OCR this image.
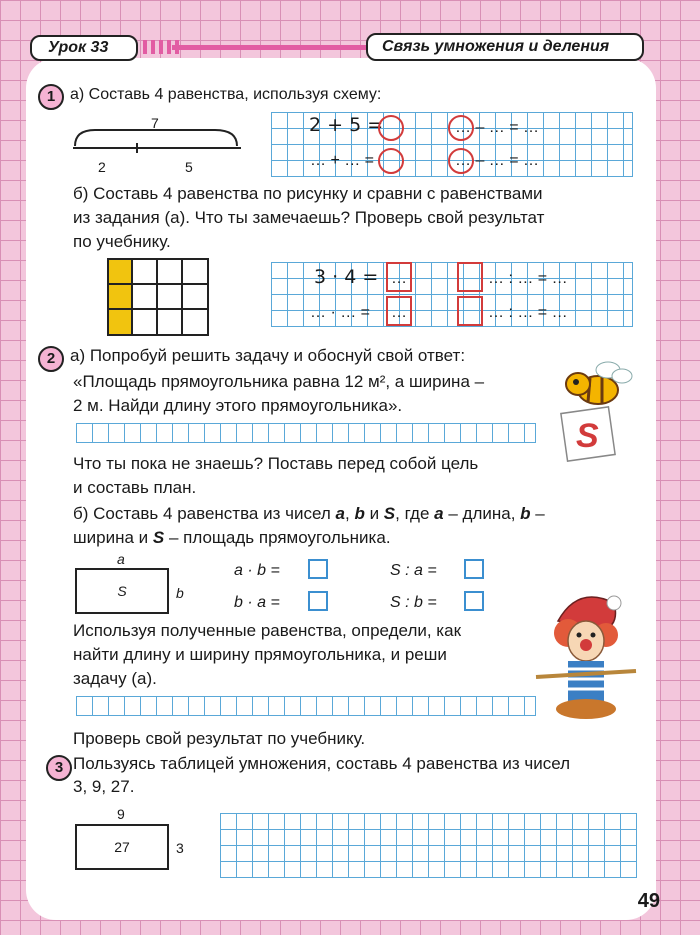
Урок 33	Связь умножения и деления
1 а) Составь 4 равенства, используя схему:
7
2	5
2 + 5 =	… – … = …
… + … =	… – … = …
б) Составь 4 равенства по рисунку и сравни с равенствами
из задания (а). Что ты замечаешь? Проверь свой результат
по учебнику.
3 · 4 = …	… : … = …
… · … = …	… : … = …
2 а) Попробуй решить задачу и обоснуй свой ответ:
«Площадь прямоугольника равна 12 м², а ширина –
2 м. Найди длину этого прямоугольника».
S
Что ты пока не знаешь? Поставь перед собой цель
и составь план.
б) Составь 4 равенства из чисел a, b и S, где a – длина, b –
ширина и S – площадь прямоугольника.
a
S	b
a · b =	S : a =
b · a =	S : b =
Используя полученные равенства, определи, как
найти длину и ширину прямоугольника, и реши
задачу (а).
Проверь свой результат по учебнику.
3 Пользуясь таблицей умножения, составь 4 равенства из чисел
3, 9, 27.
9
27	3
49
